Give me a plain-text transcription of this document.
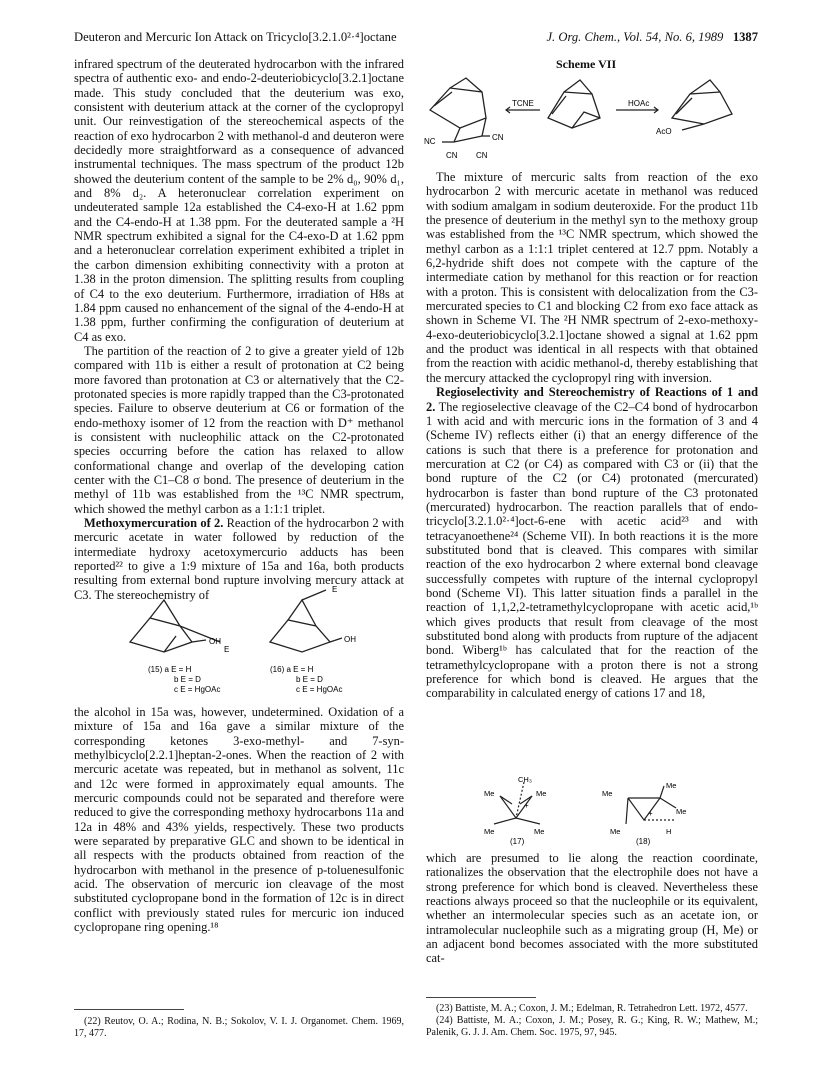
Deuteron and Mercuric Ion Attack on Tricyclo[3.2.1.0²·⁴]octane	J. Org. Chem., Vol. 54, No. 6, 1989 1387

infrared spectrum of the deuterated hydrocarbon with the infrared spectra of authentic exo- and endo-2-deuteriobicyclo[3.2.1]octane made. This study concluded that the deuterium was exo, consistent with deuterium attack at the corner of the cyclopropyl unit. Our reinvestigation of the stereochemical aspects of the reaction of exo hydrocarbon 2 with methanol-d and deuteron were decidedly more straightforward as a consequence of advanced instrumental techniques. The mass spectrum of the product 12b showed the deuterium content of the sample to be 2% d₀, 90% d₁, and 8% d₂. A heteronuclear correlation experiment on undeuterated sample 12a established the C4-exo-H at 1.62 ppm and the C4-endo-H at 1.38 ppm. For the deuterated sample a ²H NMR spectrum exhibited a signal for the C4-exo-D at 1.62 ppm and a heteronuclear correlation experiment exhibited a triplet in the carbon dimension exhibiting connectivity with a proton at 1.38 in the proton dimension. The splitting results from coupling of C4 to the exo deuterium. Furthermore, irradiation of H8s at 1.84 ppm caused no enhancement of the signal of the 4-endo-H at 1.38 ppm, further confirming the configuration of deuterium at C4 as exo.

The partition of the reaction of 2 to give a greater yield of 12b compared with 11b is either a result of protonation at C2 being more favored than protonation at C3 or alternatively that the C2-protonated species is more rapidly trapped than the C3-protonated species. Failure to observe deuterium at C6 or formation of the endo-methoxy isomer of 12 from the reaction with D⁺ methanol is consistent with nucleophilic attack on the C2-protonated species occurring before the cation has relaxed to allow conformational change and overlap of the developing cation center with the C1–C8 σ bond. The presence of deuterium in the methyl of 11b was established from the ¹³C NMR spectrum, which showed the methyl carbon as a 1:1:1 triplet.

Methoxymercuration of 2. Reaction of the hydrocarbon 2 with mercuric acetate in water followed by reduction of the intermediate hydroxy acetoxymercurio adducts has been reported²² to give a 1:9 mixture of 15a and 16a, both products resulting from external bond rupture involving mercury attack at C3. The stereochemistry of

OH
E
E
OH
(15) a E = H
b E = D
c E = HgOAc
(16) a E = H
b E = D
c E = HgOAc

the alcohol in 15a was, however, undetermined. Oxidation of a mixture of 15a and 16a gave a similar mixture of the corresponding ketones 3-exo-methyl- and 7-syn-methylbicyclo[2.2.1]heptan-2-ones. When the reaction of 2 with mercuric acetate was repeated, but in methanol as solvent, 11c and 12c were formed in approximately equal amounts. The mercuric compounds could not be separated and therefore were reduced to give the corresponding methoxy hydrocarbons 11a and 12a in 48% and 43% yields, respectively. These two products were separated by preparative GLC and shown to be identical in all respects with the products obtained from reaction of the hydrocarbon with methanol in the presence of p-toluenesulfonic acid. The observation of mercuric ion cleavage of the most substituted cyclopropane bond in the formation of 12c is in direct conflict with previously stated rules for mercuric ion induced cyclopropane ring opening.¹⁸

(22) Reutov, O. A.; Rodina, N. B.; Sokolov, V. I. J. Organomet. Chem. 1969, 17, 477.

Scheme VII
NC	CN
CN CN
TCNE	HOAc
AcO

The mixture of mercuric salts from reaction of the exo hydrocarbon 2 with mercuric acetate in methanol was reduced with sodium amalgam in sodium deuteroxide. For the product 11b the presence of deuterium in the methyl syn to the methoxy group was established from the ¹³C NMR spectrum, which showed the methyl carbon as a 1:1:1 triplet centered at 12.7 ppm. Notably a 6,2-hydride shift does not compete with the capture of the intermediate cation by methanol for this reaction or for reaction with a proton. This is consistent with delocalization from the C3-mercurated species to C1 and blocking C2 from exo face attack as shown in Scheme VI. The ²H NMR spectrum of 2-exo-methoxy-4-exo-deuteriobicyclo[3.2.1]octane showed a signal at 1.62 ppm and the product was identical in all respects with that obtained from the reaction with acidic methanol-d, thereby establishing that the mercury attacked the cyclopropyl ring with inversion.

Regioselectivity and Stereochemistry of Reactions of 1 and 2. The regioselective cleavage of the C2–C4 bond of hydrocarbon 1 with acid and with mercuric ions in the formation of 3 and 4 (Scheme IV) reflects either (i) that an energy difference of the cations is such that there is a preference for protonation and mercuration at C2 (or C4) as compared with C3 or (ii) that the bond rupture of the C2 (or C4) protonated (mercurated) hydrocarbon is faster than bond rupture of the C3 protonated (mercurated) hydrocarbon. The reaction parallels that of endo-tricyclo[3.2.1.0²·⁴]oct-6-ene with acetic acid²³ and with tetracyanoethene²⁴ (Scheme VII). In both reactions it is the more substituted bond that is cleaved. This compares with similar reaction of the exo hydrocarbon 2 where external bond cleavage successfully competes with rupture of the internal cyclopropyl bond (Scheme VI). This latter situation finds a parallel in the reaction of 1,1,2,2-tetramethylcyclopropane with acetic acid,¹ᵇ which gives products that result from cleavage of the most substituted bond along with products from rupture of the adjacent bond. Wiberg¹ᵇ has calculated that for the reaction of the tetramethylcyclopropane with a proton there is not a strong preference for which bond is cleaved. He argues that the comparability in calculated energy of cations 17 and 18,

CH₃
Me	Me
Me	Me
+
(17)
Me
Me
Me
Me
+
H
(18)

which are presumed to lie along the reaction coordinate, rationalizes the observation that the electrophile does not have a strong preference for which bond is cleaved. Nevertheless these reactions always proceed so that the nucleophile or its equivalent, whether an intermolecular species such as an acetate ion, or intramolecular nucleophile such as a migrating group (H, Me) or an adjacent bond becomes associated with the more substituted cat-

(23) Battiste, M. A.; Coxon, J. M.; Edelman, R. Tetrahedron Lett. 1972, 4577.

(24) Battiste, M. A.; Coxon, J. M.; Posey, R. G.; King, R. W.; Mathew, M.; Palenik, G. J. J. Am. Chem. Soc. 1975, 97, 945.
